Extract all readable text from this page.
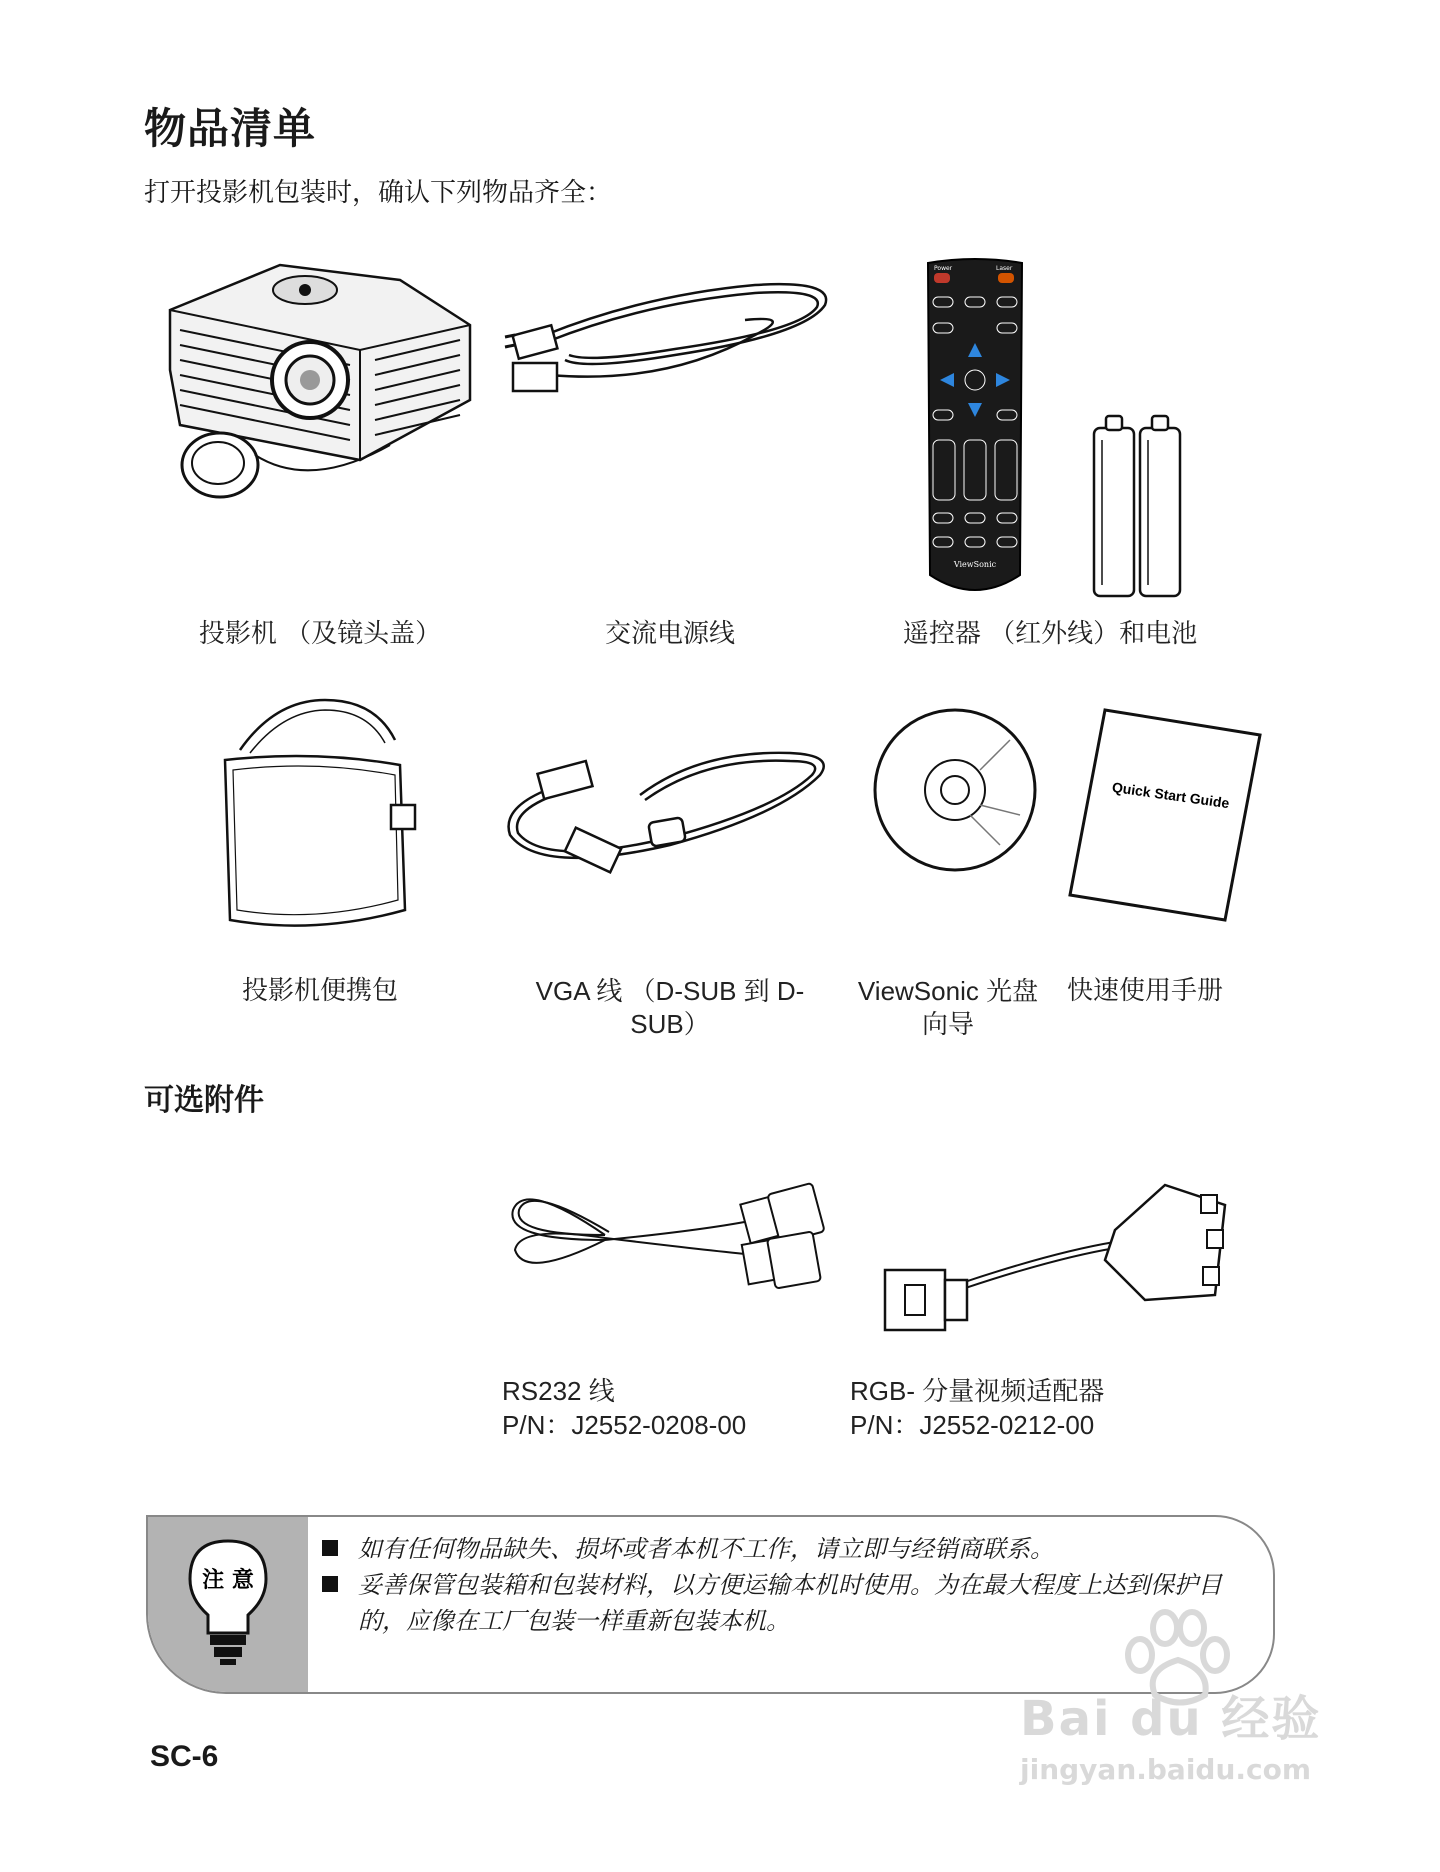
物品清单
打开投影机包装时，确认下列物品齐全：
Power	Laser
ViewSonic
投影机 （及镜头盖）	交流电源线	遥控器 （红外线）和电池
Quick Start Guide
投影机便携包	VGA 线 （D-SUB 到 D-SUB）
ViewSonic 光盘向导
快速使用手册
可选附件
RS232 线
P/N：J2552-0208-00
RGB- 分量视频适配器
P/N：J2552-0212-00
注 意
如有任何物品缺失、损坏或者本机不工作，请立即与经销商联系。
妥善保管包装箱和包装材料，以方便运输本机时使用。为在最大程度上达到保护目的，应像在工厂包装一样重新包装本机。
Bai du 经验
jingyan.baidu.com
SC-6
